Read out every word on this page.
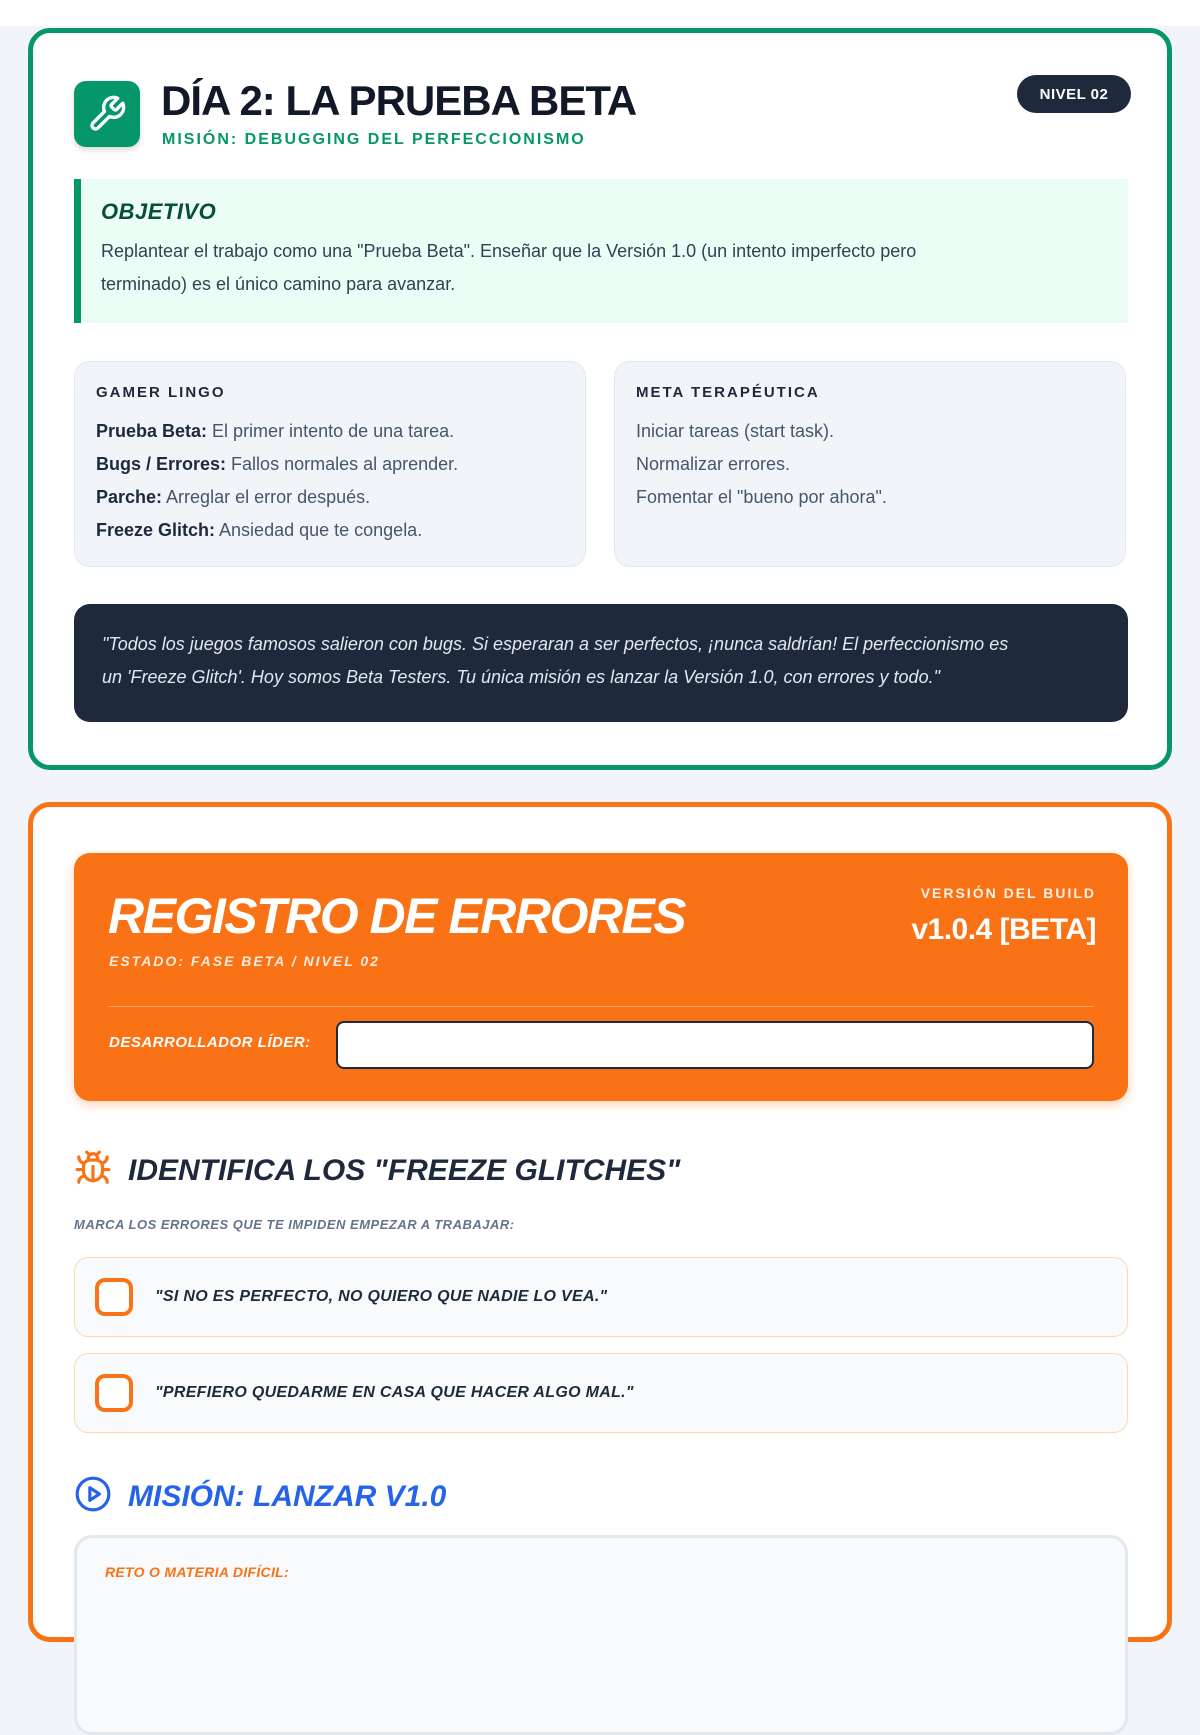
DÍA 2: LA PRUEBA BETA
MISIÓN: DEBUGGING DEL PERFECCIONISMO
NIVEL 02
OBJETIVO
Replantear el trabajo como una "Prueba Beta". Enseñar que la Versión 1.0 (un intento imperfecto pero
terminado) es el único camino para avanzar.
GAMER LINGO
Prueba Beta: El primer intento de una tarea.
Bugs / Errores: Fallos normales al aprender.
Parche: Arreglar el error después.
Freeze Glitch: Ansiedad que te congela.
META TERAPÉUTICA
Iniciar tareas (start task).
Normalizar errores.
Fomentar el "bueno por ahora".
"Todos los juegos famosos salieron con bugs. Si esperaran a ser perfectos, ¡nunca saldrían! El perfeccionismo es
un 'Freeze Glitch'. Hoy somos Beta Testers. Tu única misión es lanzar la Versión 1.0, con errores y todo."
REGISTRO DE ERRORES
ESTADO: FASE BETA / NIVEL 02
VERSIÓN DEL BUILD
v1.0.4 [BETA]
DESARROLLADOR LÍDER:
IDENTIFICA LOS "FREEZE GLITCHES"
MARCA LOS ERRORES QUE TE IMPIDEN EMPEZAR A TRABAJAR:
"SI NO ES PERFECTO, NO QUIERO QUE NADIE LO VEA."
"PREFIERO QUEDARME EN CASA QUE HACER ALGO MAL."
MISIÓN: LANZAR V1.0
RETO O MATERIA DIFÍCIL:
